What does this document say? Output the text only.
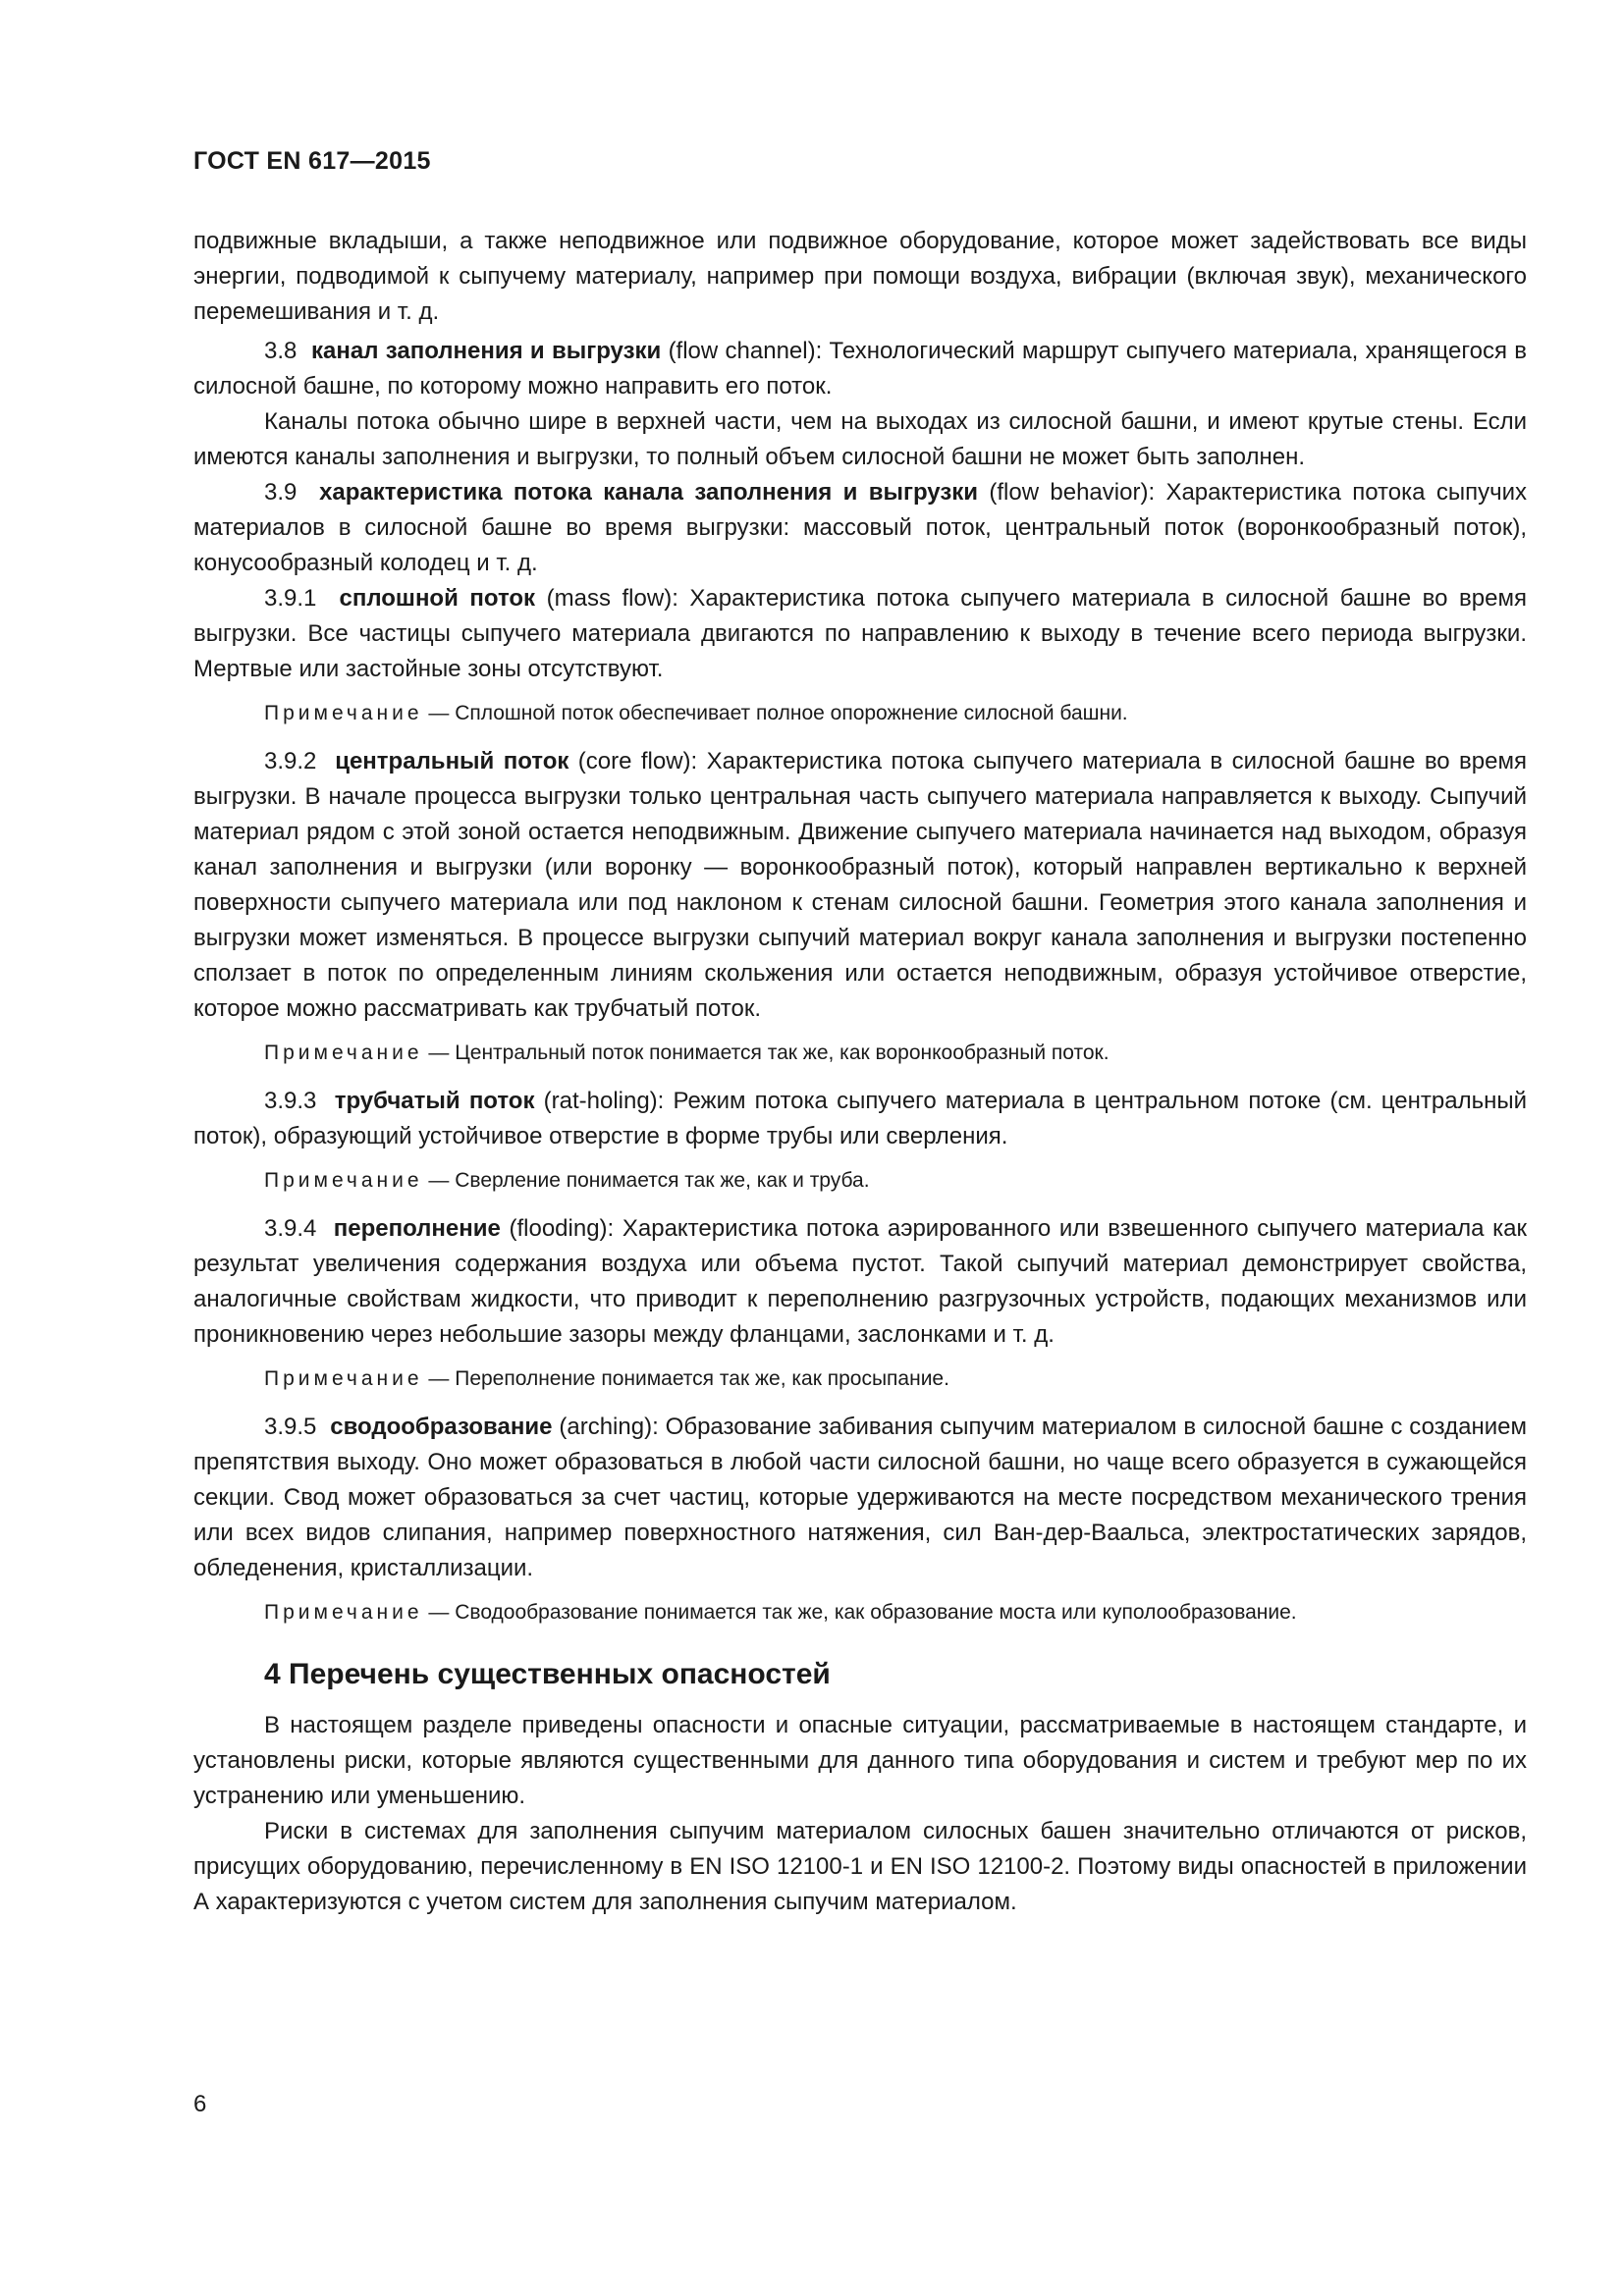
ГОСТ EN 617—2015

подвижные вкладыши, а также неподвижное или подвижное оборудование, которое может задействовать все виды энергии, подводимой к сыпучему материалу, например при помощи воздуха, вибрации (включая звук), механического перемешивания и т. д.

3.8 канал заполнения и выгрузки (flow channel): Технологический маршрут сыпучего материала, хранящегося в силосной башне, по которому можно направить его поток.

Каналы потока обычно шире в верхней части, чем на выходах из силосной башни, и имеют крутые стены. Если имеются каналы заполнения и выгрузки, то полный объем силосной башни не может быть заполнен.

3.9 характеристика потока канала заполнения и выгрузки (flow behavior): Характеристика потока сыпучих материалов в силосной башне во время выгрузки: массовый поток, центральный поток (воронкообразный поток), конусообразный колодец и т. д.

3.9.1 сплошной поток (mass flow): Характеристика потока сыпучего материала в силосной башне во время выгрузки. Все частицы сыпучего материала двигаются по направлению к выходу в течение всего периода выгрузки. Мертвые или застойные зоны отсутствуют.

Примечание — Сплошной поток обеспечивает полное опорожнение силосной башни.

3.9.2 центральный поток (core flow): Характеристика потока сыпучего материала в силосной башне во время выгрузки. В начале процесса выгрузки только центральная часть сыпучего материала направляется к выходу. Сыпучий материал рядом с этой зоной остается неподвижным. Движение сыпучего материала начинается над выходом, образуя канал заполнения и выгрузки (или воронку — воронкообразный поток), который направлен вертикально к верхней поверхности сыпучего материала или под наклоном к стенам силосной башни. Геометрия этого канала заполнения и выгрузки может изменяться. В процессе выгрузки сыпучий материал вокруг канала заполнения и выгрузки постепенно сползает в поток по определенным линиям скольжения или остается неподвижным, образуя устойчивое отверстие, которое можно рассматривать как трубчатый поток.

Примечание — Центральный поток понимается так же, как воронкообразный поток.

3.9.3 трубчатый поток (rat-holing): Режим потока сыпучего материала в центральном потоке (см. центральный поток), образующий устойчивое отверстие в форме трубы или сверления.

Примечание — Сверление понимается так же, как и труба.

3.9.4 переполнение (flooding): Характеристика потока аэрированного или взвешенного сыпучего материала как результат увеличения содержания воздуха или объема пустот. Такой сыпучий материал демонстрирует свойства, аналогичные свойствам жидкости, что приводит к переполнению разгрузочных устройств, подающих механизмов или проникновению через небольшие зазоры между фланцами, заслонками и т. д.

Примечание — Переполнение понимается так же, как просыпание.

3.9.5 сводообразование (arching): Образование забивания сыпучим материалом в силосной башне с созданием препятствия выходу. Оно может образоваться в любой части силосной башни, но чаще всего образуется в сужающейся секции. Свод может образоваться за счет частиц, которые удерживаются на месте посредством механического трения или всех видов слипания, например поверхностного натяжения, сил Ван-дер-Ваальса, электростатических зарядов, обледенения, кристаллизации.

Примечание — Сводообразование понимается так же, как образование моста или куполообразование.

4 Перечень существенных опасностей

В настоящем разделе приведены опасности и опасные ситуации, рассматриваемые в настоящем стандарте, и установлены риски, которые являются существенными для данного типа оборудования и систем и требуют мер по их устранению или уменьшению.

Риски в системах для заполнения сыпучим материалом силосных башен значительно отличаются от рисков, присущих оборудованию, перечисленному в EN ISO 12100-1 и EN ISO 12100-2. Поэтому виды опасностей в приложении А характеризуются с учетом систем для заполнения сыпучим материалом.

6
